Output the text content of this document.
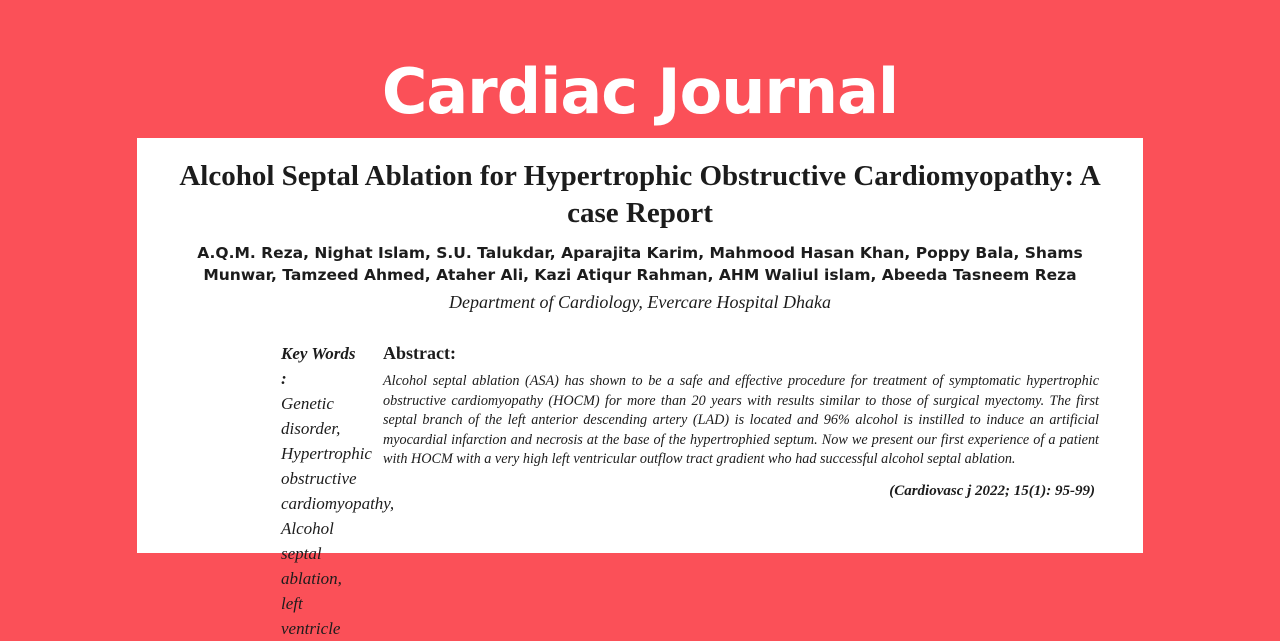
Cardiac Journal
Alcohol Septal Ablation for Hypertrophic Obstructive Cardiomyopathy: A case Report
A.Q.M. Reza, Nighat Islam, S.U. Talukdar, Aparajita Karim, Mahmood Hasan Khan, Poppy Bala, Shams Munwar, Tamzeed Ahmed, Ataher Ali, Kazi Atiqur Rahman, AHM Waliul islam, Abeeda Tasneem Reza
Department of Cardiology, Evercare Hospital Dhaka
Key Words :
Genetic disorder, Hypertrophic obstructive cardiomyopathy, Alcohol septal ablation, left ventricle
Abstract:
Alcohol septal ablation (ASA) has shown to be a safe and effective procedure for treatment of symptomatic hypertrophic obstructive cardiomyopathy (HOCM) for more than 20 years with results similar to those of surgical myectomy. The first septal branch of the left anterior descending artery (LAD) is located and 96% alcohol is instilled to induce an artificial myocardial infarction and necrosis at the base of the hypertrophied septum. Now we present our first experience of a patient with HOCM with a very high left ventricular outflow tract gradient who had successful alcohol septal ablation.
(Cardiovasc j 2022; 15(1): 95-99)
